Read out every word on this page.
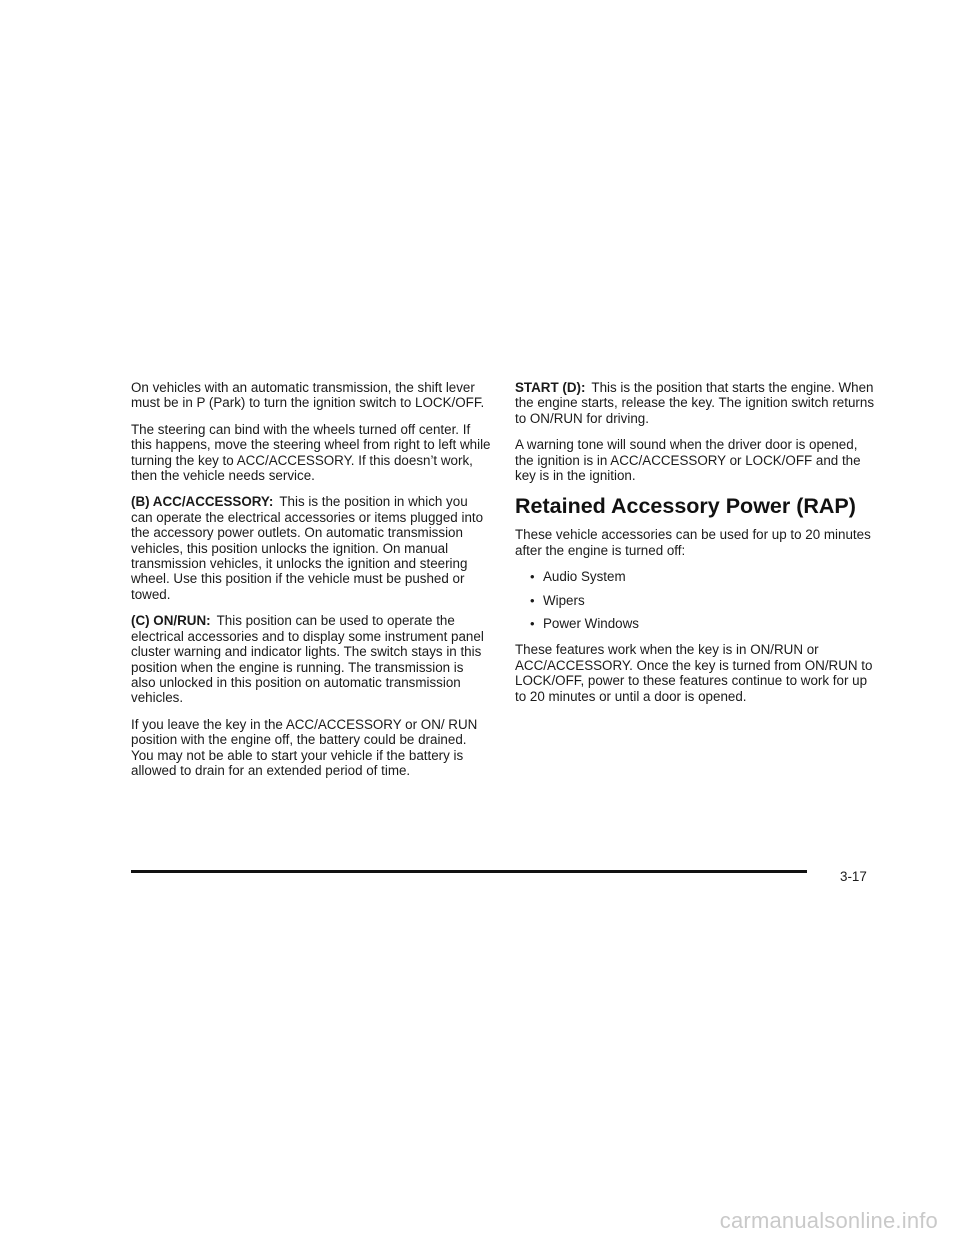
On vehicles with an automatic transmission, the shift lever must be in P (Park) to turn the ignition switch to LOCK/OFF.

The steering can bind with the wheels turned off center. If this happens, move the steering wheel from right to left while turning the key to ACC/ACCESSORY. If this doesn’t work, then the vehicle needs service.

(B) ACC/ACCESSORY: This is the position in which you can operate the electrical accessories or items plugged into the accessory power outlets. On automatic transmission vehicles, this position unlocks the ignition. On manual transmission vehicles, it unlocks the ignition and steering wheel. Use this position if the vehicle must be pushed or towed.

(C) ON/RUN: This position can be used to operate the electrical accessories and to display some instrument panel cluster warning and indicator lights. The switch stays in this position when the engine is running. The transmission is also unlocked in this position on automatic transmission vehicles.

If you leave the key in the ACC/ACCESSORY or ON/ RUN position with the engine off, the battery could be drained. You may not be able to start your vehicle if the battery is allowed to drain for an extended period of time.

START (D): This is the position that starts the engine. When the engine starts, release the key. The ignition switch returns to ON/RUN for driving.

A warning tone will sound when the driver door is opened, the ignition is in ACC/ACCESSORY or LOCK/OFF and the key is in the ignition.

Retained Accessory Power (RAP)

These vehicle accessories can be used for up to 20 minutes after the engine is turned off:

• Audio System
• Wipers
• Power Windows

These features work when the key is in ON/RUN or ACC/ACCESSORY. Once the key is turned from ON/RUN to LOCK/OFF, power to these features continue to work for up to 20 minutes or until a door is opened.

3-17
carmanualsonline.info
